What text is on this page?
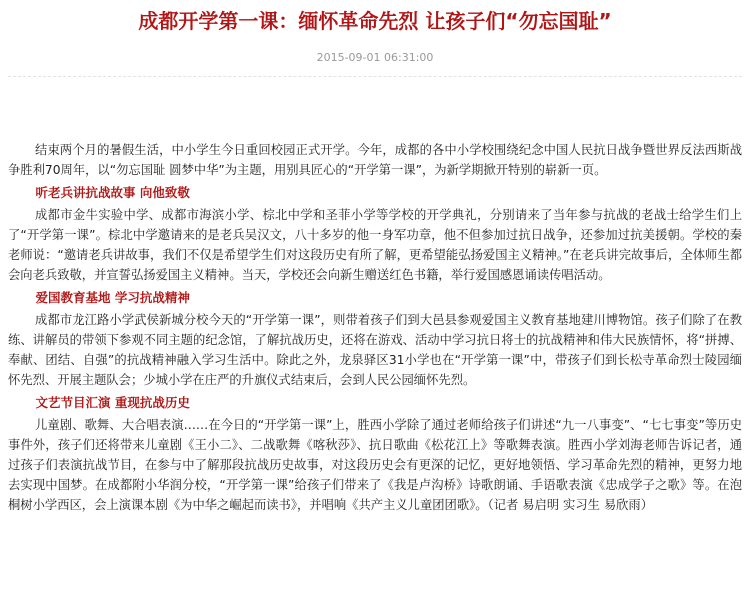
成都开学第一课：缅怀革命先烈 让孩子们“勿忘国耻”
2015-09-01 06:31:00

结束两个月的暑假生活，中小学生今日重回校园正式开学。今年，成都的各中小学校围绕纪念中国人民抗日战争暨世界反法西斯战争胜利70周年，以“勿忘国耻 圆梦中华”为主题，用别具匠心的“开学第一课”，为新学期掀开特别的崭新一页。

听老兵讲抗战故事 向他致敬

成都市金牛实验中学、成都市海滨小学、棕北中学和圣菲小学等学校的开学典礼，分别请来了当年参与抗战的老战士给学生们上了“开学第一课”。棕北中学邀请来的是老兵吴汉文，八十多岁的他一身军功章，他不但参加过抗日战争，还参加过抗美援朝。学校的秦老师说：“邀请老兵讲故事，我们不仅是希望学生们对这段历史有所了解，更希望能弘扬爱国主义精神。”在老兵讲完故事后，全体师生都会向老兵致敬，并宣誓弘扬爱国主义精神。当天，学校还会向新生赠送红色书籍，举行爱国感恩诵读传唱活动。

爱国教育基地 学习抗战精神

成都市龙江路小学武侯新城分校今天的“开学第一课”，则带着孩子们到大邑县参观爱国主义教育基地建川博物馆。孩子们除了在教练、讲解员的带领下参观不同主题的纪念馆，了解抗战历史，还将在游戏、活动中学习抗日将士的抗战精神和伟大民族情怀，将“拼搏、奉献、团结、自强”的抗战精神融入学习生活中。除此之外，龙泉驿区31小学也在“开学第一课”中，带孩子们到长松寺革命烈士陵园缅怀先烈、开展主题队会；少城小学在庄严的升旗仪式结束后，会到人民公园缅怀先烈。

文艺节目汇演 重现抗战历史

儿童剧、歌舞、大合唱表演……在今日的“开学第一课”上，胜西小学除了通过老师给孩子们讲述“九一八事变”、“七七事变”等历史事件外，孩子们还将带来儿童剧《王小二》、二战歌舞《喀秋莎》、抗日歌曲《松花江上》等歌舞表演。胜西小学刘海老师告诉记者，通过孩子们表演抗战节目，在参与中了解那段抗战历史故事，对这段历史会有更深的记忆，更好地领悟、学习革命先烈的精神，更努力地去实现中国梦。在成都附小华润分校，“开学第一课”给孩子们带来了《我是卢沟桥》诗歌朗诵、手语歌表演《忠成学子之歌》等。在泡桐树小学西区，会上演课本剧《为中华之崛起而读书》，并唱响《共产主义儿童团团歌》。（记者 易启明 实习生 易欣雨）
